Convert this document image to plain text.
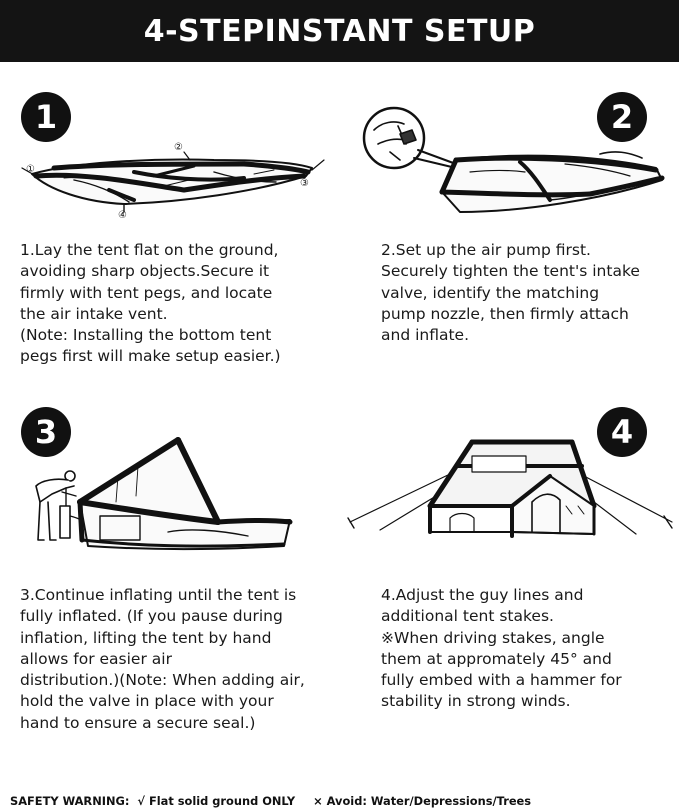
4-STEPINSTANT SETUP
1
①
②
③
④
1.Lay the tent flat on the ground,
avoiding sharp objects.Secure it
firmly with tent pegs, and locate
the air intake vent.
(Note: Installing the bottom tent
pegs first will make setup easier.)
2
2.Set up the air pump first.
Securely tighten the tent's intake
valve, identify the matching
pump nozzle, then firmly attach
and inflate.
3
3.Continue inflating until the tent is
fully inflated. (If you pause during
inflation, lifting the tent by hand
allows for easier air
distribution.)(Note: When adding air,
hold the valve in place with your
hand to ensure a secure seal.)
4
4.Adjust the guy lines and
additional tent stakes.
※When driving stakes, angle
them at appromately 45° and
fully embed with a hammer for
stability in strong winds.
SAFETY WARNING: √ Flat solid ground ONLY × Avoid: Water/Depressions/Trees
